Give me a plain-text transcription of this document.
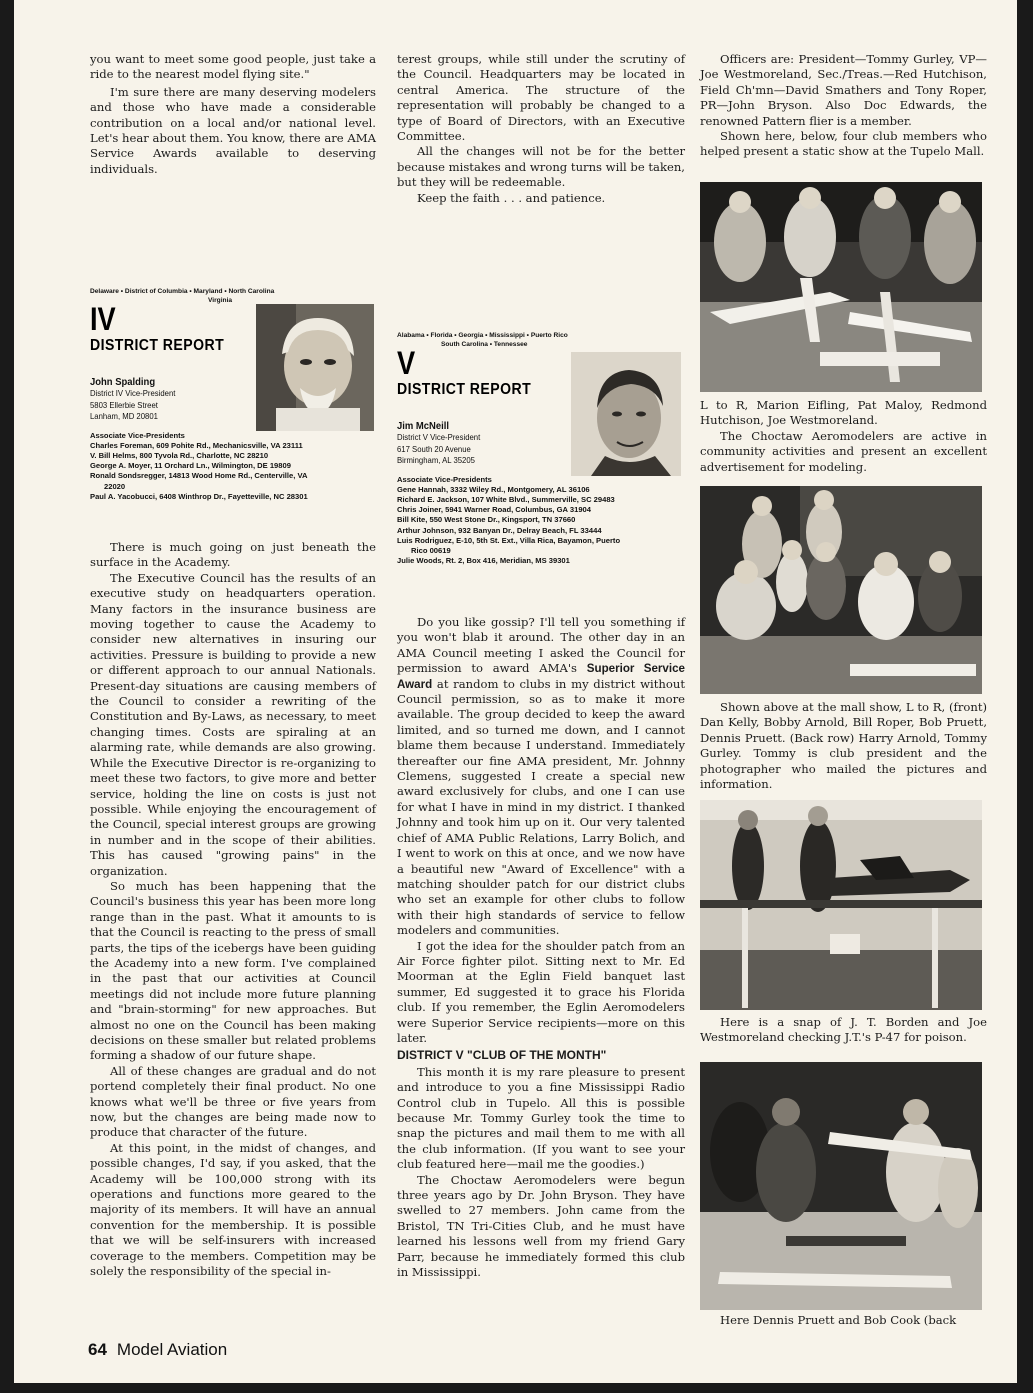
you want to meet some good people, just take a ride to the nearest model flying site."

I'm sure there are many deserving modelers and those who have made a considerable contribution on a local and/or national level. Let's hear about them. You know, there are AMA Service Awards available to deserving individuals.

Delaware • District of Columbia • Maryland • North Carolina
Virginia
IV
DISTRICT REPORT
John Spalding
District IV Vice-President
5803 Ellerbie Street
Lanham, MD 20801
Associate Vice-Presidents
Charles Foreman, 609 Pohite Rd., Mechanicsville, VA 23111
V. Bill Helms, 800 Tyvola Rd., Charlotte, NC 28210
George A. Moyer, 11 Orchard Ln., Wilmington, DE 19809
Ronald Sondsregger, 14813 Wood Home Rd., Centerville, VA
22020
Paul A. Yacobucci, 6408 Winthrop Dr., Fayetteville, NC 28301

There is much going on just beneath the surface in the Academy.

The Executive Council has the results of an executive study on headquarters operation. Many factors in the insurance business are moving together to cause the Academy to consider new alternatives in insuring our activities. Pressure is building to provide a new or different approach to our annual Nationals. Present-day situations are causing members of the Council to consider a rewriting of the Constitution and By-Laws, as necessary, to meet changing times. Costs are spiraling at an alarming rate, while demands are also growing. While the Executive Director is re-organizing to meet these two factors, to give more and better service, holding the line on costs is just not possible. While enjoying the encouragement of the Council, special interest groups are growing in number and in the scope of their abilities. This has caused "growing pains" in the organization.

So much has been happening that the Council's business this year has been more long range than in the past. What it amounts to is that the Council is reacting to the press of small parts, the tips of the icebergs have been guiding the Academy into a new form. I've complained in the past that our activities at Council meetings did not include more future planning and "brain-storming" for new approaches. But almost no one on the Council has been making decisions on these smaller but related problems forming a shadow of our future shape.

All of these changes are gradual and do not portend completely their final product. No one knows what we'll be three or five years from now, but the changes are being made now to produce that character of the future.

At this point, in the midst of changes, and possible changes, I'd say, if you asked, that the Academy will be 100,000 strong with its operations and functions more geared to the majority of its members. It will have an annual convention for the membership. It is possible that we will be self-insurers with increased coverage to the members. Competition may be solely the responsibility of the special in-

terest groups, while still under the scrutiny of the Council. Headquarters may be located in central America. The structure of the representation will probably be changed to a type of Board of Directors, with an Executive Committee.

All the changes will not be for the better because mistakes and wrong turns will be taken, but they will be redeemable.

Keep the faith . . . and patience.

Alabama • Florida • Georgia • Mississippi • Puerto Rico
South Carolina • Tennessee
V
DISTRICT REPORT
Jim McNeill
District V Vice-President
617 South 20 Avenue
Birmingham, AL 35205
Associate Vice-Presidents
Gene Hannah, 3332 Wiley Rd., Montgomery, AL 36106
Richard E. Jackson, 107 White Blvd., Summerville, SC 29483
Chris Joiner, 5941 Warner Road, Columbus, GA 31904
Bill Kite, 550 West Stone Dr., Kingsport, TN 37660
Arthur Johnson, 932 Banyan Dr., Delray Beach, FL 33444
Luis Rodriguez, E-10, 5th St. Ext., Villa Rica, Bayamon, Puerto
Rico 00619
Julie Woods, Rt. 2, Box 416, Meridian, MS 39301

Do you like gossip? I'll tell you something if you won't blab it around. The other day in an AMA Council meeting I asked the Council for permission to award AMA's Superior Service Award at random to clubs in my district without Council permission, so as to make it more available. The group decided to keep the award limited, and so turned me down, and I cannot blame them because I understand. Immediately thereafter our fine AMA president, Mr. Johnny Clemens, suggested I create a special new award exclusively for clubs, and one I can use for what I have in mind in my district. I thanked Johnny and took him up on it. Our very talented chief of AMA Public Relations, Larry Bolich, and I went to work on this at once, and we now have a beautiful new "Award of Excellence" with a matching shoulder patch for our district clubs who set an example for other clubs to follow with their high standards of service to fellow modelers and communities.

I got the idea for the shoulder patch from an Air Force fighter pilot. Sitting next to Mr. Ed Moorman at the Eglin Field banquet last summer, Ed suggested it to grace his Florida club. If you remember, the Eglin Aeromodelers were Superior Service recipients—more on this later.

DISTRICT V "CLUB OF THE MONTH"

This month it is my rare pleasure to present and introduce to you a fine Mississippi Radio Control club in Tupelo. All this is possible because Mr. Tommy Gurley took the time to snap the pictures and mail them to me with all the club information. (If you want to see your club featured here—mail me the goodies.)

The Choctaw Aeromodelers were begun three years ago by Dr. John Bryson. They have swelled to 27 members. John came from the Bristol, TN Tri-Cities Club, and he must have learned his lessons well from my friend Gary Parr, because he immediately formed this club in Mississippi.

Officers are: President—Tommy Gurley, VP—Joe Westmoreland, Sec./Treas.—Red Hutchison, Field Ch'mn—David Smathers and Tony Roper, PR—John Bryson. Also Doc Edwards, the renowned Pattern flier is a member.

Shown here, below, four club members who helped present a static show at the Tupelo Mall.

L to R, Marion Eifling, Pat Maloy, Redmond Hutchison, Joe Westmoreland.

The Choctaw Aeromodelers are active in community activities and present an excellent advertisement for modeling.

Shown above at the mall show, L to R, (front) Dan Kelly, Bobby Arnold, Bill Roper, Bob Pruett, Dennis Pruett. (Back row) Harry Arnold, Tommy Gurley. Tommy is club president and the photographer who mailed the pictures and information.

Here is a snap of J. T. Borden and Joe Westmoreland checking J.T.'s P-47 for poison.

Here Dennis Pruett and Bob Cook (back

64 Model Aviation
